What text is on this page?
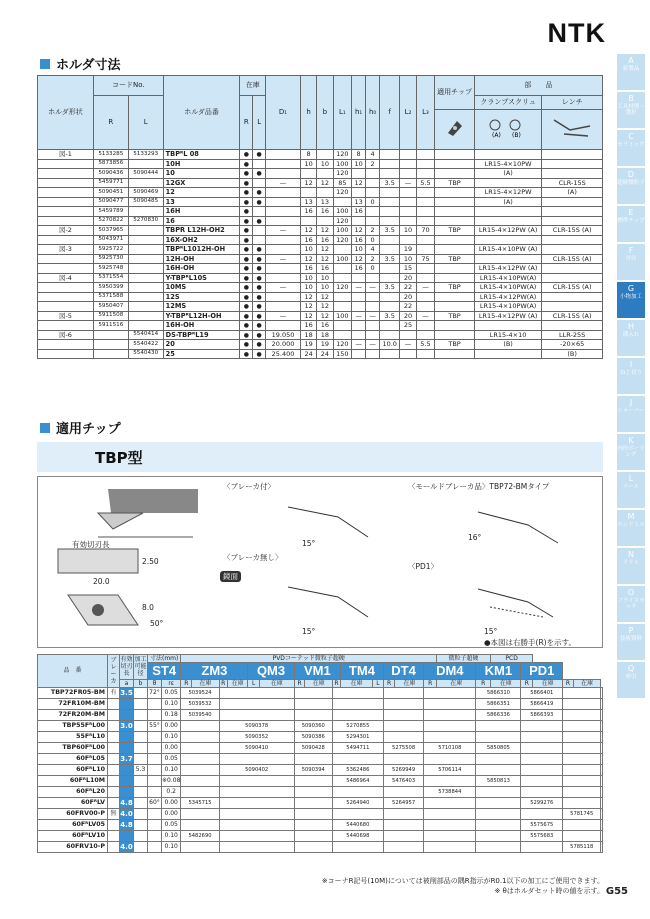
NTK
ホルダ寸法
ホルダ形状	コードNo.		ホルダ品番	在庫		D₁	h	b	L₁	h₁	h₀	f	L₂	L₃	適用チップ	部　　品	
	R	L		R	L											クランプスクリュ	レンチ

(A) (B)

図-1	5133285	5133293	TBPᴿL 08	●	●		8		120	8	4						
	5873856		10H	●			10	10	100	10	2					LR15-4×10PW	
	5090436	5090444	10	●	●				120							(A)	
	5459771		12GX	●		—	12	12	85	12		3.5	—	5.5	TBP		CLR-15S
	5090451	5090469	12	●	●				120							LR15-4×12PW	(A)
	5090477	5090485	13	●	●		13	13		13	0					(A)	
	5459789		16H	●			16	16	100	16							
	5270822	5270830	16	●	●				120								
図-2	5037965		TBPR L12H-OH2	●		—	12	12	100	12	2	3.5	10	70	TBP	LR15-4×12PW (A)	CLR-15S (A)
	5043971		16X-OH2	●			16	16	120	16	0						
図-3	5925722		TBPᴿL1012H-OH	●	●		10	12		10	4		19			LR15-4×10PW (A)	
	5925730		12H-OH	●	●	—	12	12	100	12	2	3.5	10	75	TBP		CLR-15S (A)
	5925748		16H-OH	●	●		16	16		16	0		15			LR15-4×12PW (A)	
図-4	5371554		Y-TBPᴿL10S	●	●		10	10					20			LR15-4×10PW(A)	
	5950399		10MS	●	●	—	10	10	120	—	—	3.5	22	—	TBP	LR15-4×10PW(A)	CLR-15S (A)
	5371588		12S	●	●		12	12					20			LR15-4×12PW(A)	
	5950407		12MS	●	●		12	12					22			LR15-4×10PW(A)	
図-5	5911508		Y-TBPᴿL12H-OH	●	●	—	12	12	100	—	—	3.5	20	—	TBP	LR15-4×12PW (A)	CLR-15S (A)
	5911516		16H-OH	●	●		16	16					25				
図-6		5540414	DS-TBPᴿL19	●	●	19.050	18	18								LR15-4×10	LLR-25S
		5540422	20	●	●	20.000	19	19	120	—	—	10.0	—	5.5	TBP	(B)	-20×65
		5540430	25	●	●	25.400	24	24	150								(B)
適用チップ
TBP型
〈ブレーカ付〉	〈モールドブレーカ品〉TBP72-BMタイプ
〈ブレーカ無し〉
鏡面
〈PD1〉
有効切刃長
20.0
8.0
2.50
50°
15°
15°
16°
15°
●本図は右勝手(R)を示す。
品　番	ブレーカ	有効切刃長	加工可能径	寸法(mm)		PVDコーテッド微粒子超硬														微粒子超硬		PCD					
				ST4		ZM3				QM3		VM1			TM4		DT4		DM4		KM1		PD1				
		a	b	θ	rε	R	在庫	R	在庫	L	在庫	R	在庫	R	在庫	L	R	在庫	R	在庫	R	在庫	R	在庫	R	在庫	
TBP72FR05-BM	有	3.5		72°	0.05	5039524															5866310		5866401				
72FR10M-BM					0.10	5039532															5866351		5866419				
72FR20M-BM					0.18	5039540															5866336		5866393				
TBP55FᴿL00		3.0		55°	0.00			5090378				5090360		5270855													
55FᴿL10					0.10			5090352				5090386		5294301													
TBP60FᴿL00					0.00			5090410				5090428		5494711			5275508		5710108		5850805						
60FᴿL05		3.7			0.05																						
60FᴿL10			5.3		0.10			5090402				5090394		5362486			5269949		5706114								
60FᴿL10M					※0.08									5486964			5476403				5850813						
60FᴿL20					0.2														5738844								
60FᴿLV		4.8		60°	0.00	5345715								5264940			5264957						5299276				
60FRV00-P	無	4.0			0.00																				5781745		
60FᴿLV05		4.8			0.05									5440680									5575675				
60FᴿLV10					0.10	5482690								5440698									5575683				
60FRV10-P		4.0			0.10																				5785118		
※コーナR記号(10M)については被削部品の隅R指示がR0.1以下の加工にご使用できます。
※ θはホルダセット時の値を示す。
A
新製品
B
工具材種・選択
C
セラミック
D
超硬微粒子
E
標準チップ
F
外径
G
小物加工
H
溝入れ
I
ねじ切り
J
シャーバー
K
内径ボーリング
L
ツール
M
エンドミル
N
ドリル
O
フライスカッタ
P
技術資料
Q
索引
G55
